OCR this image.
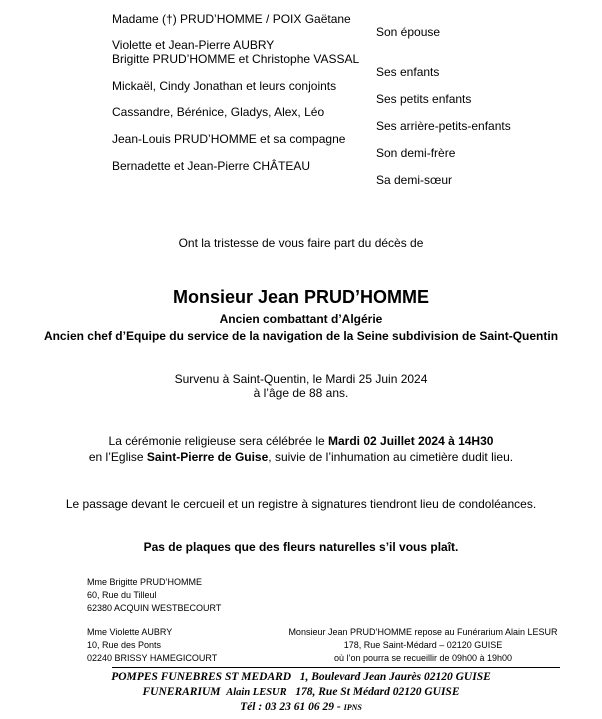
Madame (†) PRUD’HOMME / POIX Gaëtane
Son épouse
Violette et Jean-Pierre AUBRY
Brigitte PRUD’HOMME et Christophe VASSAL
Ses enfants
Mickaël, Cindy Jonathan et leurs conjoints
Ses petits enfants
Cassandre, Bérénice, Gladys, Alex, Léo
Ses arrière-petits-enfants
Jean-Louis PRUD’HOMME et sa compagne
Son demi-frère
Bernadette et Jean-Pierre CHÂTEAU
Sa demi-sœur
Ont la tristesse de vous faire part du décès de
Monsieur Jean PRUD’HOMME
Ancien combattant d’Algérie
Ancien chef d’Equipe du service de la navigation de la Seine subdivision de Saint-Quentin
Survenu à Saint-Quentin, le Mardi 25 Juin 2024
à l’âge de 88 ans.
La cérémonie religieuse sera célébrée le Mardi 02 Juillet 2024 à 14H30
en l’Eglise Saint-Pierre de Guise, suivie de l’inhumation au cimetière dudit lieu.
Le passage devant le cercueil et un registre à signatures tiendront lieu de condoléances.
Pas de plaques que des fleurs naturelles s’il vous plaît.
Mme Brigitte PRUD’HOMME
60, Rue du Tilleul
62380 ACQUIN WESTBECOURT
Mme Violette AUBRY
10, Rue des Ponts
02240 BRISSY HAMEGICOURT
Monsieur Jean PRUD’HOMME repose au Funérarium Alain LESUR
178, Rue Saint-Médard – 02120 GUISE
où l’on pourra se recueillir de 09h00 à 19h00
POMPES FUNEBRES ST MEDARD 1, Boulevard Jean Jaurès 02120 GUISE
FUNERARIUM Alain LESUR 178, Rue St Médard 02120 GUISE
Tél : 03 23 61 06 29 - IPNS
